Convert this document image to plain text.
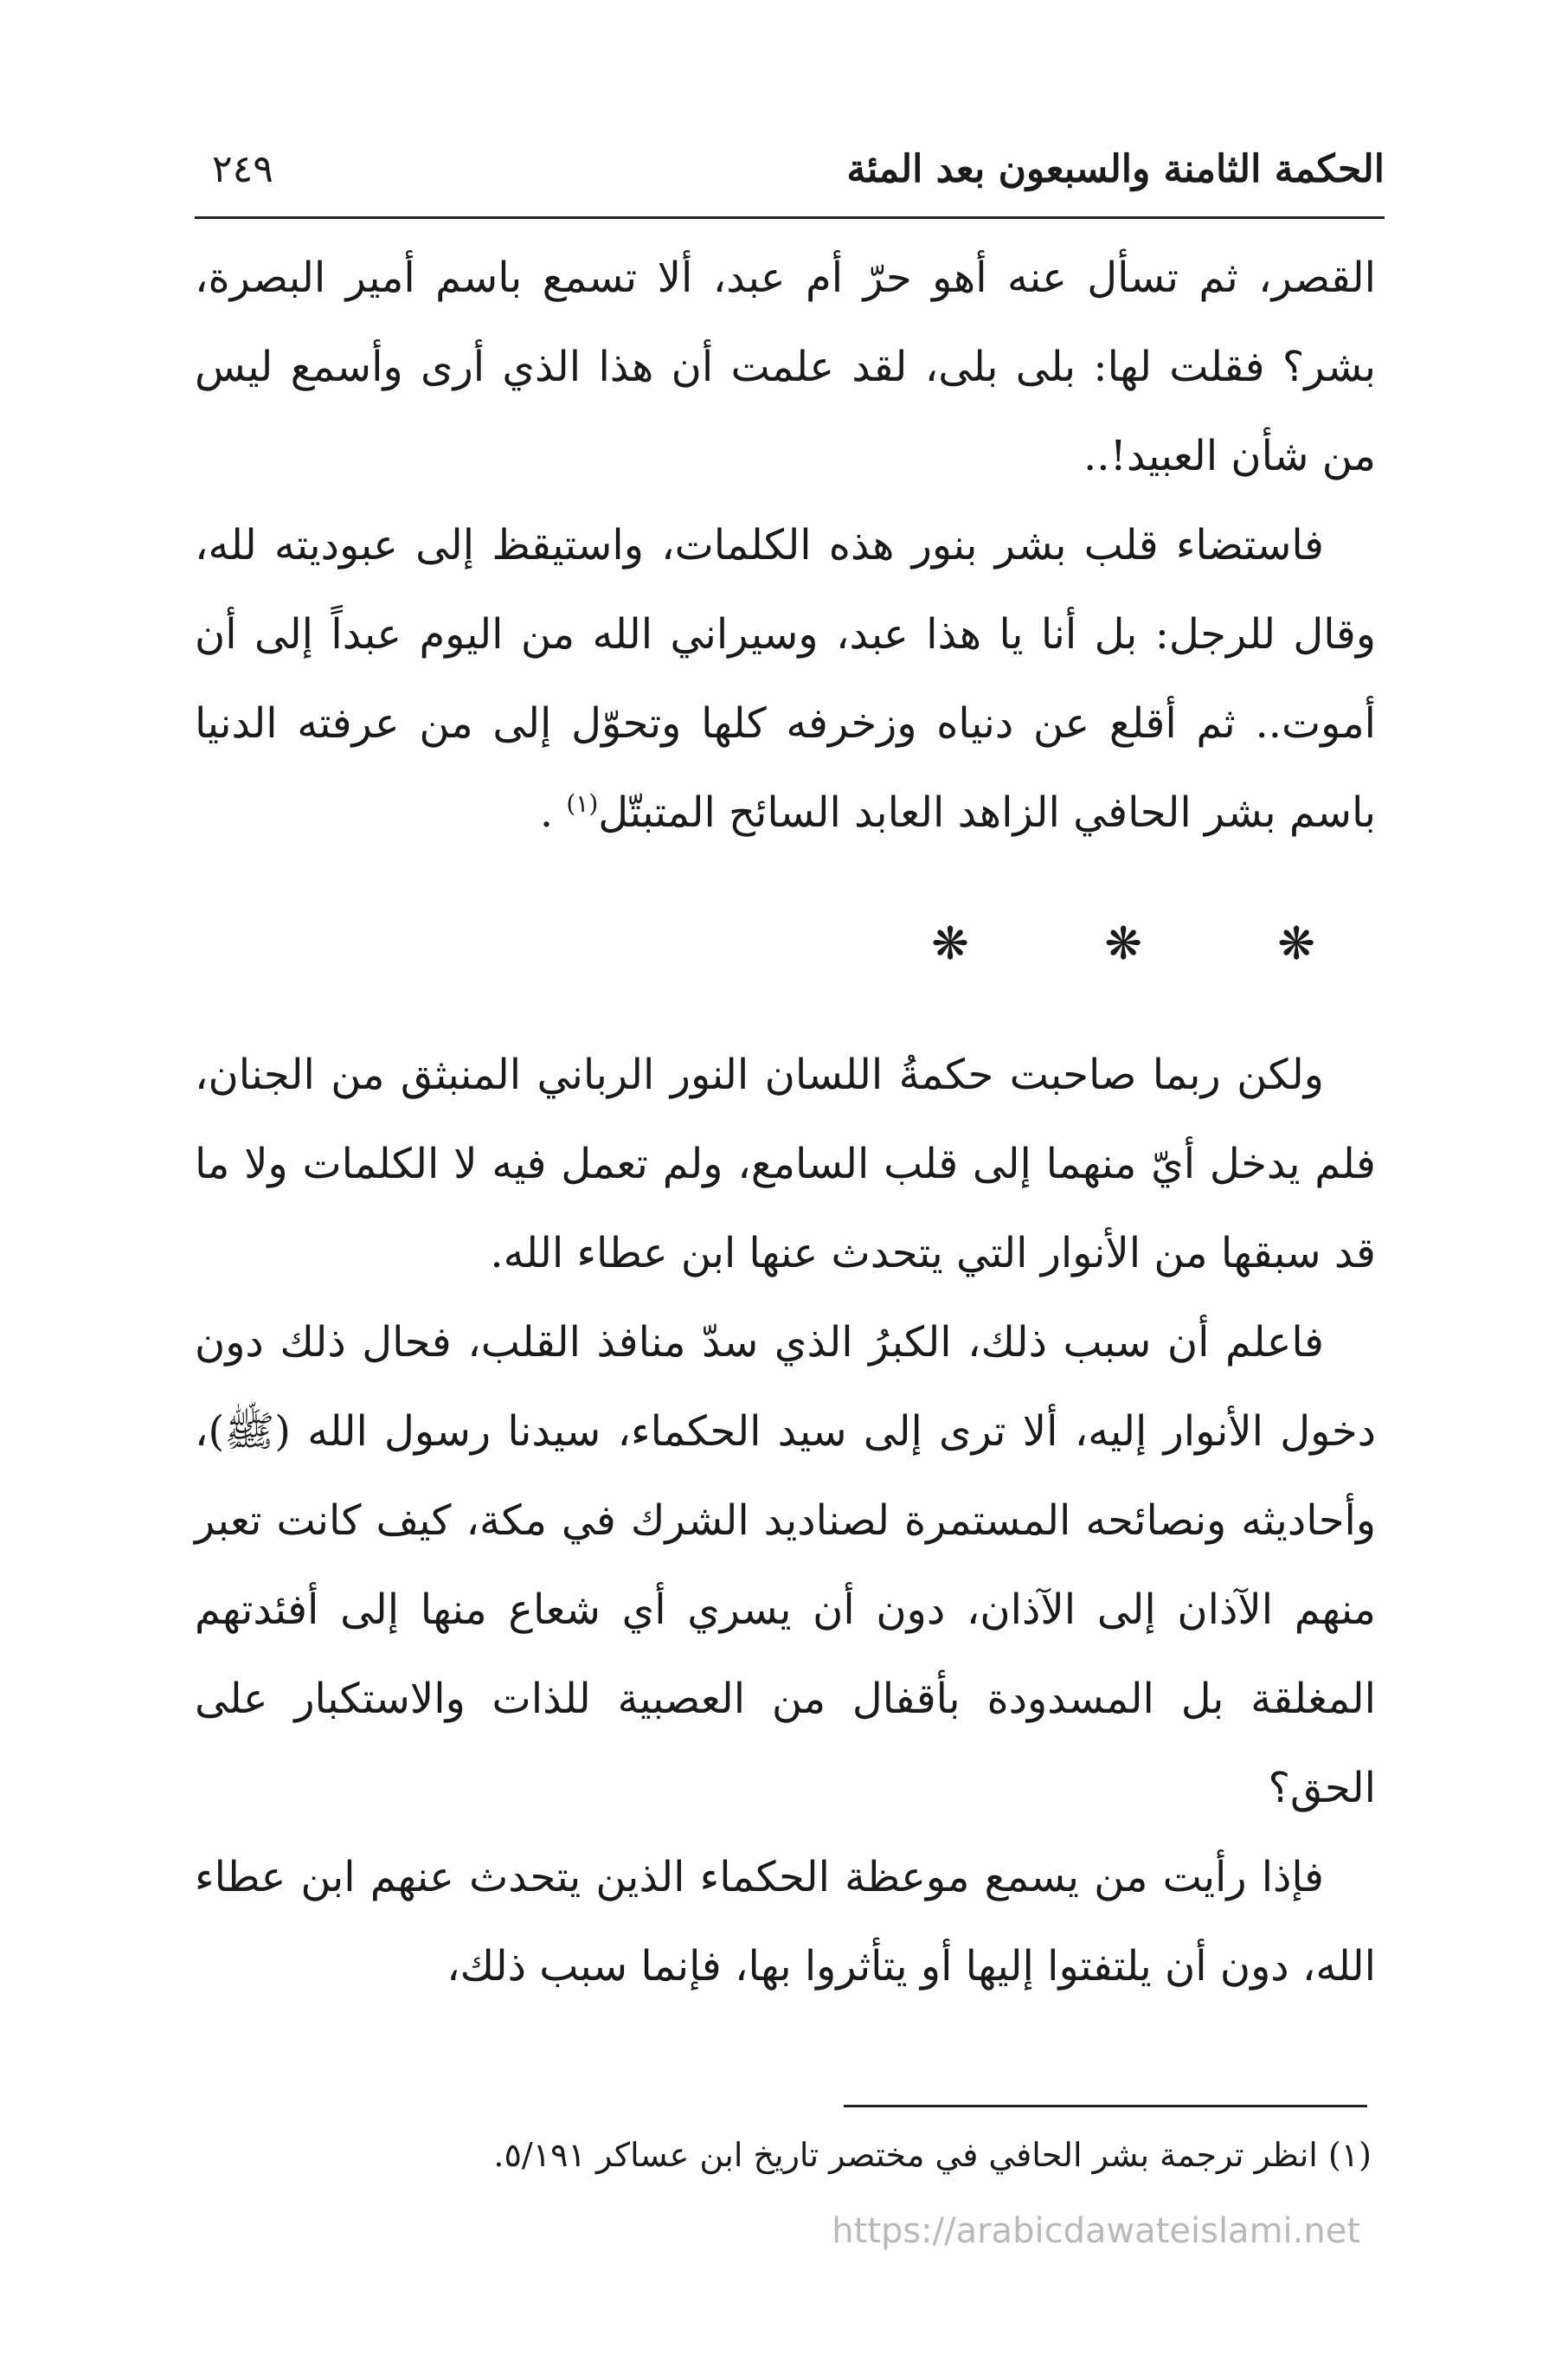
الحكمة الثامنة والسبعون بعد المئة
٢٤٩

القصر، ثم تسأل عنه أهو حرّ أم عبد، ألا تسمع باسم أمير البصرة، بشر؟ فقلت لها: بلى بلى، لقد علمت أن هذا الذي أرى وأسمع ليس من شأن العبيد!..

فاستضاء قلب بشر بنور هذه الكلمات، واستيقظ إلى عبوديته لله، وقال للرجل: بل أنا يا هذا عبد، وسيراني الله من اليوم عبداً إلى أن أموت.. ثم أقلع عن دنياه وزخرفه كلها وتحوّل إلى من عرفته الدنيا باسم بشر الحافي الزاهد العابد السائح المتبتّل$^{(١)}$ .

❋	❋	❋

ولكن ربما صاحبت حكمةُ اللسان النور الرباني المنبثق من الجنان، فلم يدخل أيّ منهما إلى قلب السامع، ولم تعمل فيه لا الكلمات ولا ما قد سبقها من الأنوار التي يتحدث عنها ابن عطاء الله.

فاعلم أن سبب ذلك، الكبرُ الذي سدّ منافذ القلب، فحال ذلك دون دخول الأنوار إليه، ألا ترى إلى سيد الحكماء، سيدنا رسول الله (ﷺ)، وأحاديثه ونصائحه المستمرة لصناديد الشرك في مكة، كيف كانت تعبر منهم الآذان إلى الآذان، دون أن يسري أي شعاع منها إلى أفئدتهم المغلقة بل المسدودة بأقفال من العصبية للذات والاستكبار على الحق؟

فإذا رأيت من يسمع موعظة الحكماء الذين يتحدث عنهم ابن عطاء الله، دون أن يلتفتوا إليها أو يتأثروا بها، فإنما سبب ذلك،

(١) انظر ترجمة بشر الحافي في مختصر تاريخ ابن عساكر ٥/١٩١.
https://arabicdawateislami.net
